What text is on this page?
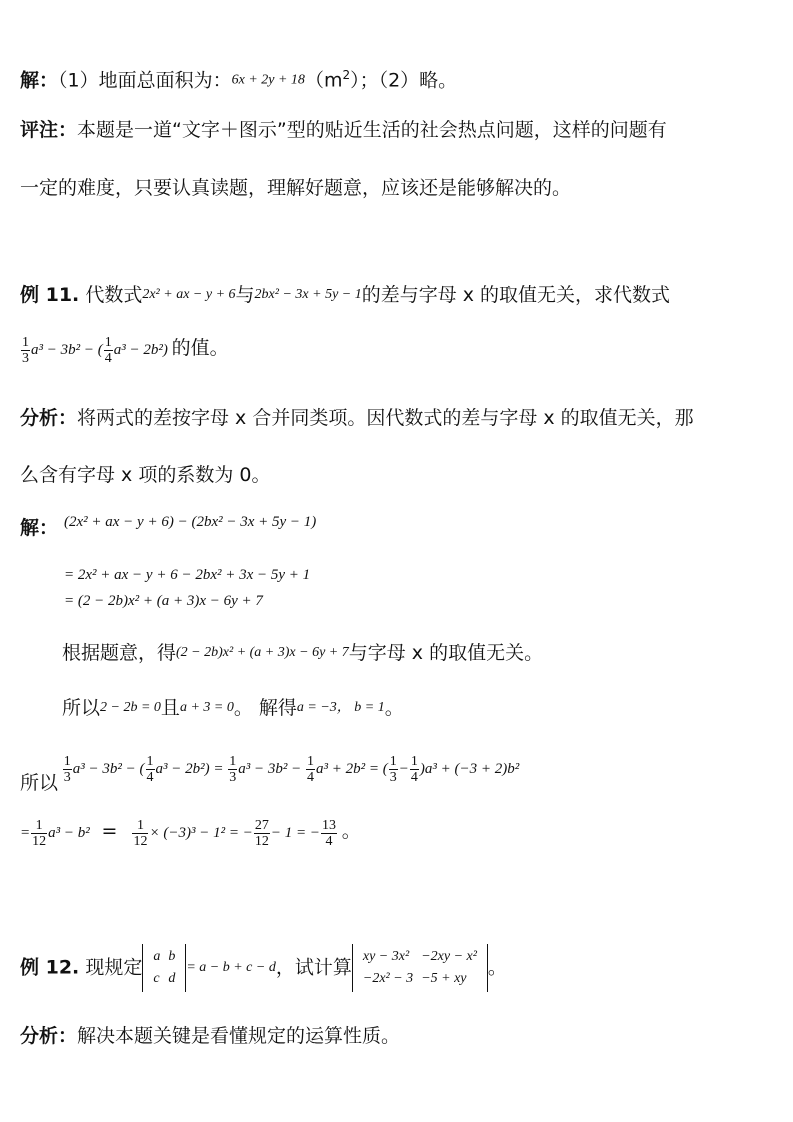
解：（1）地面总面积为：$6x + 2y + 18(m^2)$；（2）略。
评注：本题是一道“文字＋图示”型的贴近生活的社会热点问题，这样的问题有
一定的难度，只要认真读题，理解好题意，应该还是能够解决的。
例 11. 代数式2x² + ax − y + 6与2bx² − 3x + 5y − 1的差与字母 x 的取值无关，求代数式
$\frac{1}{3} a^3 - 3b^2$ − ( $\frac{1}{4} a^3 - 2b^2$) 的值。
分析：将两式的差按字母 x 合并同类项。因代数式的差与字母 x 的取值无关，那
么含有字母 x 项的系数为 0。
解： (2x² + ax − y + 6) − (2bx² − 3x + 5y − 1)
= 2x² + ax − y + 6 − 2bx² + 3x − 5y + 1
= (2 − 2b)x² + (a + 3)x − 6y + 7
根据题意，得(2 − 2b)x² + (a + 3)x − 6y + 7与字母 x 的取值无关。
所以2 − 2b = 0且a + 3 = 0。 解得a = −3， b = 1。
所以 $\frac{1}{3} a^3 - 3b^2$ − ( $\frac{1}{4} a^3 - 2b^2) = \frac{1}{3} a^3 - 3b^2 - \frac{1}{4} a^3 + 2b^2$ = ( $\frac{1}{3} - \frac{1}{4} )a^3 + (-3 + 2)b^2$
= $\frac{1}{12} a^3 - b^2 = \frac{1}{12} \times (-3)^3 - 1^2$ = − $\frac{27}{12} - 1$ = − $\frac{13}{4}$ 。
例 12. 现规定 a	b
c	d
= a − b + c − d，试计算 xy − 3x²	−2xy − x²
−2x² − 3	−5 + xy 。
分析：解决本题关键是看懂规定的运算性质。
